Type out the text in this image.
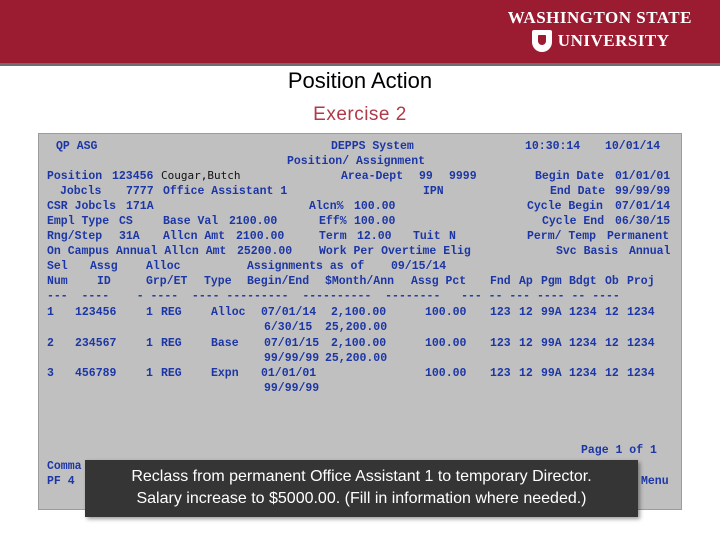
WASHINGTON STATE
UNIVERSITY
Position Action
Exercise 2
QP ASG	DEPPS System	10:30:14 10/01/14
Position/ Assignment
Position 123456 Cougar,Butch	Area-Dept 99 9999	Begin Date 01/01/01
Jobcls 7777 Office Assistant 1	IPN	End Date 99/99/99
CSR Jobcls 171A	Alcn% 100.00	Cycle Begin 07/01/14
Empl Type CS	Base Val 2100.00	Eff% 100.00	Cycle End 06/30/15
Rng/Step 31A Allcn Amt 2100.00	Term 12.00 Tuit N	Perm/ Temp Permanent
On Campus Annual Allcn Amt 25200.00 Work Per Overtime Elig	Svc Basis Annual
Sel Assg Alloc	Assignments as of 09/15/14
Num	ID	Grp/ET Type Begin/End $Month/Ann Assg Pct Fnd Ap Pgm Bdgt Ob Proj
---  ----    - ----  ---- ---------  ----------  --------   --- -- --- ---- -- ----
1 123456	1 REG	Alloc 07/01/14 2,100.00	100.00 123 12 99A 1234 12 1234
6/30/15 25,200.00
2 234567	1 REG	Base 07/01/15 2,100.00	100.00 123 12 99A 1234 12 1234
99/99/99 25,200.00
3 456789	1 REG	Expn 01/01/01	100.00 123 12 99A 1234 12 1234
99/99/99
Page 1 of 1
Comma
PF 4	Menu
Reclass from permanent Office Assistant 1 to temporary Director.
Salary increase to $5000.00. (Fill in information where needed.)
